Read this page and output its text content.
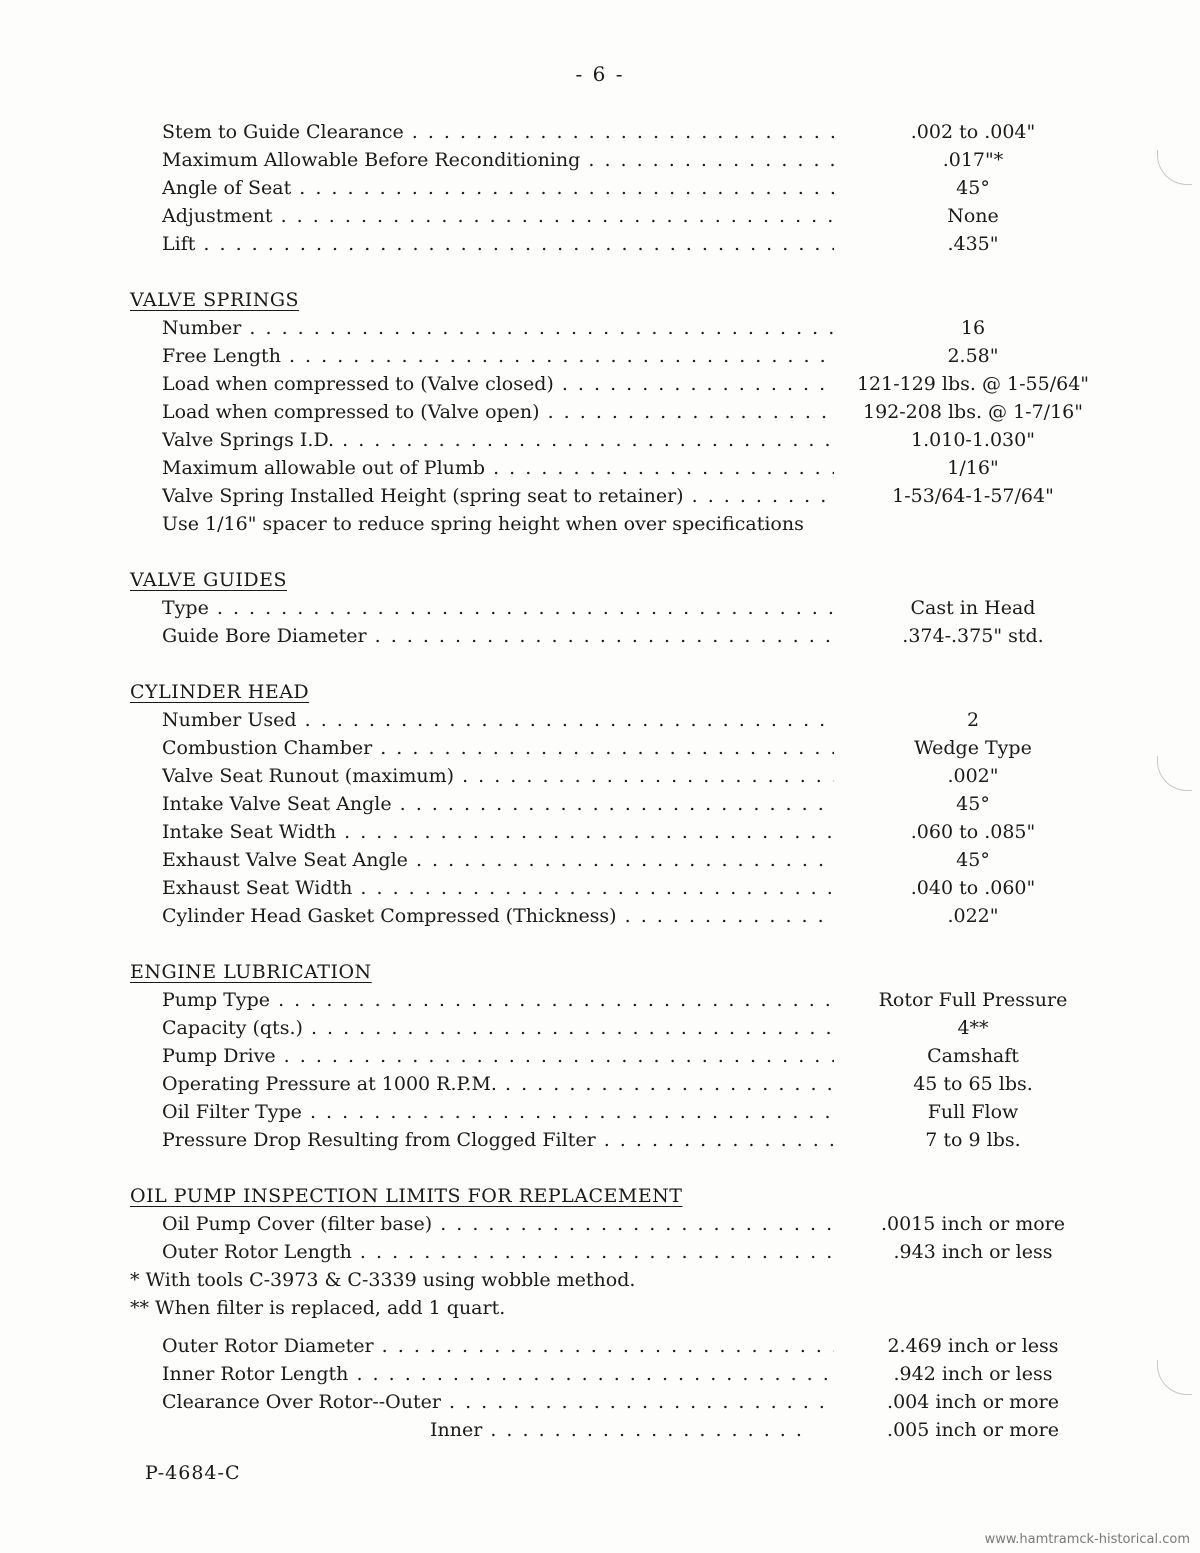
- 6 -
Stem to Guide Clearance . . .	.002 to .004"
Maximum Allowable Before Reconditioning . . .	.017"*
Angle of Seat . . .	45°
Adjustment . . .	None
Lift . . .	.435"
VALVE SPRINGS
Number . . .	16
Free Length . . .	2.58"
Load when compressed to (Valve closed) . . .	121-129 lbs. @ 1-55/64"
Load when compressed to (Valve open) . . .	192-208 lbs. @ 1-7/16"
Valve Springs I.D. . . .	1.010-1.030"
Maximum allowable out of Plumb . . .	1/16"
Valve Spring Installed Height (spring seat to retainer) . . .	1-53/64-1-57/64"
Use 1/16" spacer to reduce spring height when over specifications
VALVE GUIDES
Type . . .	Cast in Head
Guide Bore Diameter . . .	.374-.375" std.
CYLINDER HEAD
Number Used . . .	2
Combustion Chamber . . .	Wedge Type
Valve Seat Runout (maximum) . . .	.002"
Intake Valve Seat Angle . . .	45°
Intake Seat Width . . .	.060 to .085"
Exhaust Valve Seat Angle . . .	45°
Exhaust Seat Width . . .	.040 to .060"
Cylinder Head Gasket Compressed (Thickness) . . .	.022"
ENGINE LUBRICATION
Pump Type . . .	Rotor Full Pressure
Capacity (qts.) . . .	4**
Pump Drive . . .	Camshaft
Operating Pressure at 1000 R.P.M. . . .	45 to 65 lbs.
Oil Filter Type . . .	Full Flow
Pressure Drop Resulting from Clogged Filter . . .	7 to 9 lbs.
OIL PUMP INSPECTION LIMITS FOR REPLACEMENT
Oil Pump Cover (filter base) . . .	.0015 inch or more
Outer Rotor Length . . .	.943 inch or less
* With tools C-3973 & C-3339 using wobble method.
** When filter is replaced, add 1 quart.
Outer Rotor Diameter . . .	2.469 inch or less
Inner Rotor Length . . .	.942 inch or less
Clearance Over Rotor--Outer . . .	.004 inch or more
Inner . . .	.005 inch or more
P-4684-C
www.hamtramck-historical.com
